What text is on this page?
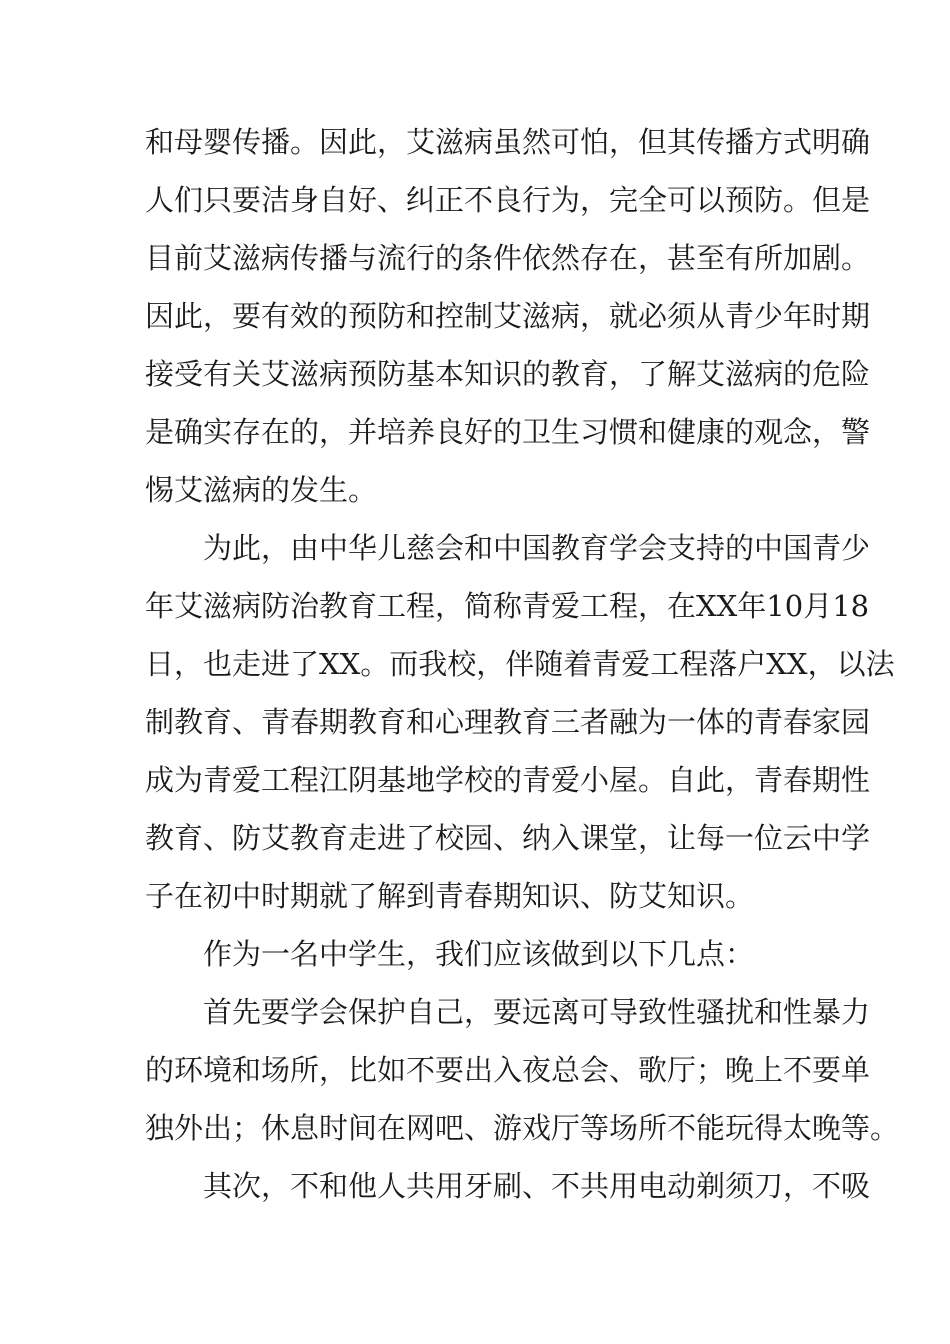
和母婴传播。因此，艾滋病虽然可怕，但其传播方式明确
人们只要洁身自好、纠正不良行为，完全可以预防。但是
目前艾滋病传播与流行的条件依然存在，甚至有所加剧。
因此，要有效的预防和控制艾滋病，就必须从青少年时期
接受有关艾滋病预防基本知识的教育，了解艾滋病的危险
是确实存在的，并培养良好的卫生习惯和健康的观念，警
惕艾滋病的发生。
为此，由中华儿慈会和中国教育学会支持的中国青少
年艾滋病防治教育工程，简称青爱工程，在XX年10月18
日，也走进了XX。而我校，伴随着青爱工程落户XX，以法
制教育、青春期教育和心理教育三者融为一体的青春家园
成为青爱工程江阴基地学校的青爱小屋。自此，青春期性
教育、防艾教育走进了校园、纳入课堂，让每一位云中学
子在初中时期就了解到青春期知识、防艾知识。
作为一名中学生，我们应该做到以下几点：
首先要学会保护自己，要远离可导致性骚扰和性暴力
的环境和场所，比如不要出入夜总会、歌厅；晚上不要单
独外出；休息时间在网吧、游戏厅等场所不能玩得太晚等。
其次，不和他人共用牙刷、不共用电动剃须刀，不吸
